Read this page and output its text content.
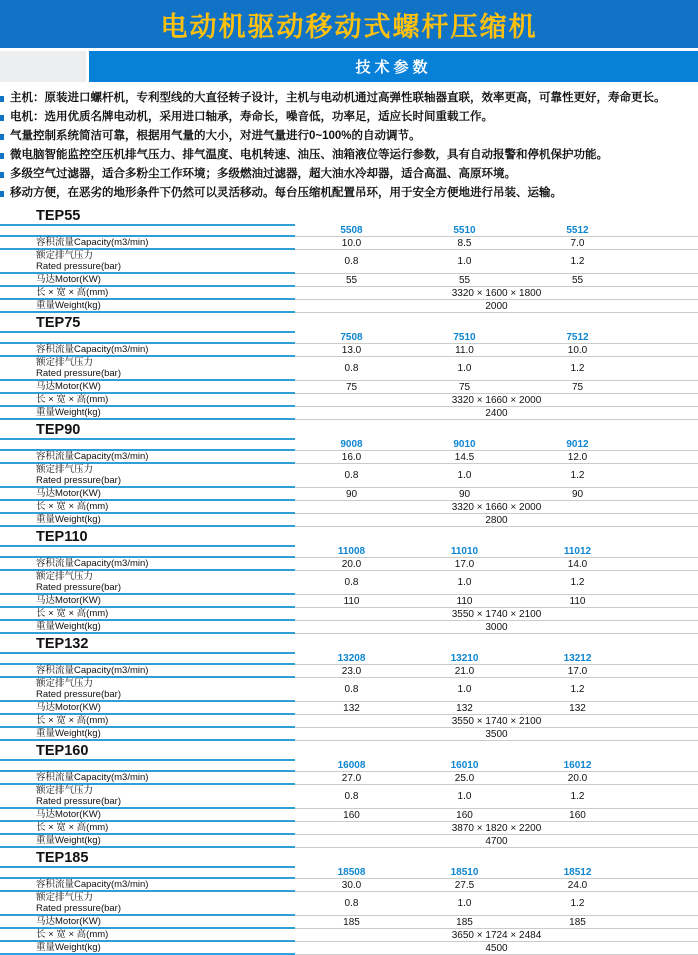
电动机驱动移动式螺杆压缩机
技术参数
主机：原装进口螺杆机，专利型线的大直径转子设计，主机与电动机通过高弹性联轴器直联，效率更高，可靠性更好，寿命更长。
电机：选用优质名牌电动机，采用进口轴承，寿命长，噪音低，功率足，适应长时间重载工作。
气量控制系统简洁可靠，根据用气量的大小，对进气量进行0~100%的自动调节。
微电脑智能监控空压机排气压力、排气温度、电机转速、油压、油箱液位等运行参数，具有自动报警和停机保护功能。
多级空气过滤器，适合多粉尘工作环境；多级燃油过滤器，超大油水冷却器，适合高温、高原环境。
移动方便，在恶劣的地形条件下仍然可以灵活移动。每台压缩机配置吊环，用于安全方便地进行吊装、运输。
TEP55
5508	5510	5512
容积流量Capacity(m3/min)	10.0	8.5	7.0
额定排气压力
Rated pressure(bar)	0.8	1.0	1.2
马达Motor(KW)	55	55	55
长 × 宽 × 高(mm)	3320 × 1600 × 1800
重量Weight(kg)	2000
TEP75
7508	7510	7512
容积流量Capacity(m3/min)	13.0	11.0	10.0
额定排气压力
Rated pressure(bar)	0.8	1.0	1.2
马达Motor(KW)	75	75	75
长 × 宽 × 高(mm)	3320 × 1660 × 2000
重量Weight(kg)	2400
TEP90
9008	9010	9012
容积流量Capacity(m3/min)	16.0	14.5	12.0
额定排气压力
Rated pressure(bar)	0.8	1.0	1.2
马达Motor(KW)	90	90	90
长 × 宽 × 高(mm)	3320 × 1660 × 2000
重量Weight(kg)	2800
TEP110
11008	11010	11012
容积流量Capacity(m3/min)	20.0	17.0	14.0
额定排气压力
Rated pressure(bar)	0.8	1.0	1.2
马达Motor(KW)	110	110	110
长 × 宽 × 高(mm)	3550 × 1740 × 2100
重量Weight(kg)	3000
TEP132
13208	13210	13212
容积流量Capacity(m3/min)	23.0	21.0	17.0
额定排气压力
Rated pressure(bar)	0.8	1.0	1.2
马达Motor(KW)	132	132	132
长 × 宽 × 高(mm)	3550 × 1740 × 2100
重量Weight(kg)	3500
TEP160
16008	16010	16012
容积流量Capacity(m3/min)	27.0	25.0	20.0
额定排气压力
Rated pressure(bar)	0.8	1.0	1.2
马达Motor(KW)	160	160	160
长 × 宽 × 高(mm)	3870 × 1820 × 2200
重量Weight(kg)	4700
TEP185
18508	18510	18512
容积流量Capacity(m3/min)	30.0	27.5	24.0
额定排气压力
Rated pressure(bar)	0.8	1.0	1.2
马达Motor(KW)	185	185	185
长 × 宽 × 高(mm)	3650 × 1724 × 2484
重量Weight(kg)	4500
